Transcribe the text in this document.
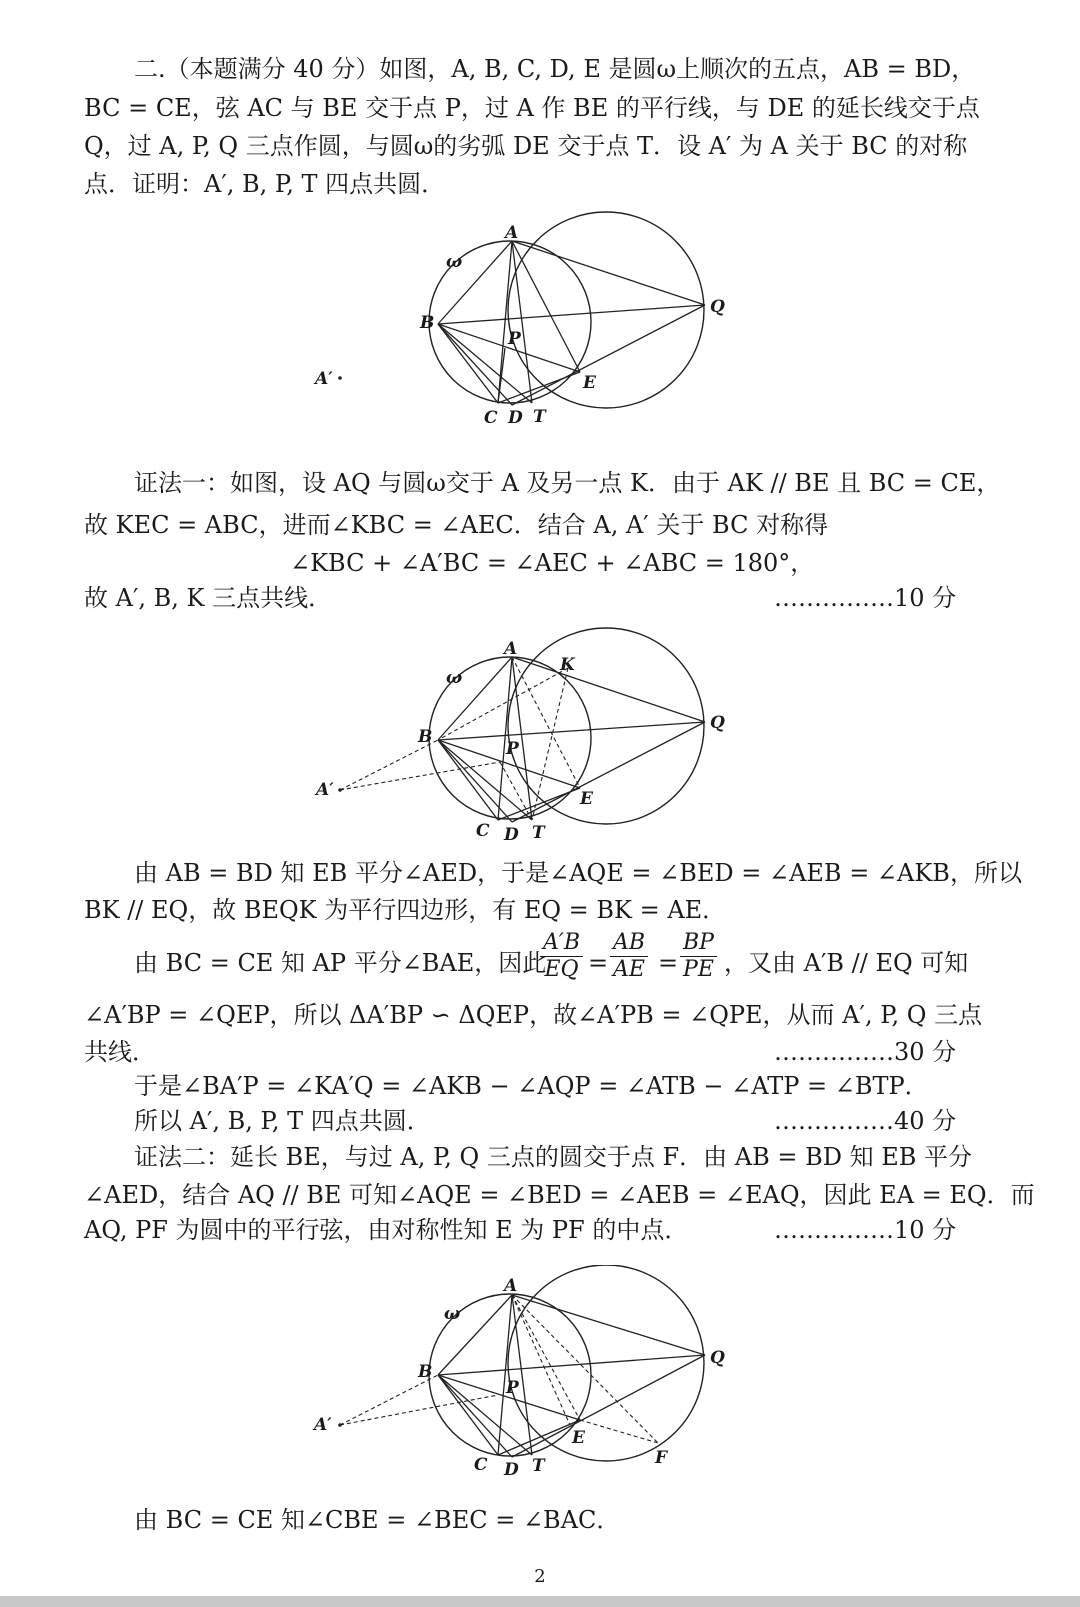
二.（本题满分 40 分）如图，A, B, C, D, E 是圆ω上顺次的五点，AB = BD，
BC = CE，弦 AC 与 BE 交于点 P，过 A 作 BE 的平行线，与 DE 的延长线交于点
Q，过 A, P, Q 三点作圆，与圆ω的劣弧 DE 交于点 T．设 A′ 为 A 关于 BC 的对称
点．证明：A′, B, P, T 四点共圆．
A
B
C D
E
P
Q
T
A′
ω
证法一：如图，设 AQ 与圆ω交于 A 及另一点 K．由于 AK // BE 且 BC = CE，
故 KEC = ABC，进而∠KBC = ∠AEC．结合 A, A′ 关于 BC 对称得
∠KBC + ∠A′BC = ∠AEC + ∠ABC = 180°，
故 A′, B, K 三点共线．	……………10 分
A
K
B
C D
E
P
Q
T
A′
ω
由 AB = BD 知 EB 平分∠AED，于是∠AQE = ∠BED = ∠AEB = ∠AKB，所以
BK // EQ，故 BEQK 为平行四边形，有 EQ = BK = AE．
由 BC = CE 知 AP 平分∠BAE，因此
$\frac{A'B}{EQ} = \frac{AB}{AE} = \frac{BP}{PE}$ ，又由 A′B // EQ 可知
∠A′BP = ∠QEP，所以 ΔA′BP ∽ ΔQEP，故∠A′PB = ∠QPE，从而 A′, P, Q 三点
共线．	……………30 分
于是∠BA′P = ∠KA′Q = ∠AKB − ∠AQP = ∠ATB − ∠ATP = ∠BTP．
所以 A′, B, P, T 四点共圆．	……………40 分
证法二：延长 BE，与过 A, P, Q 三点的圆交于点 F．由 AB = BD 知 EB 平分
∠AED，结合 AQ // BE 可知∠AQE = ∠BED = ∠AEB = ∠EAQ，因此 EA = EQ．而
AQ, PF 为圆中的平行弦，由对称性知 E 为 PF 的中点．	……………10 分
A
B
C D
E
P
Q
T	F
A′
ω
由 BC = CE 知∠CBE = ∠BEC = ∠BAC．
2
